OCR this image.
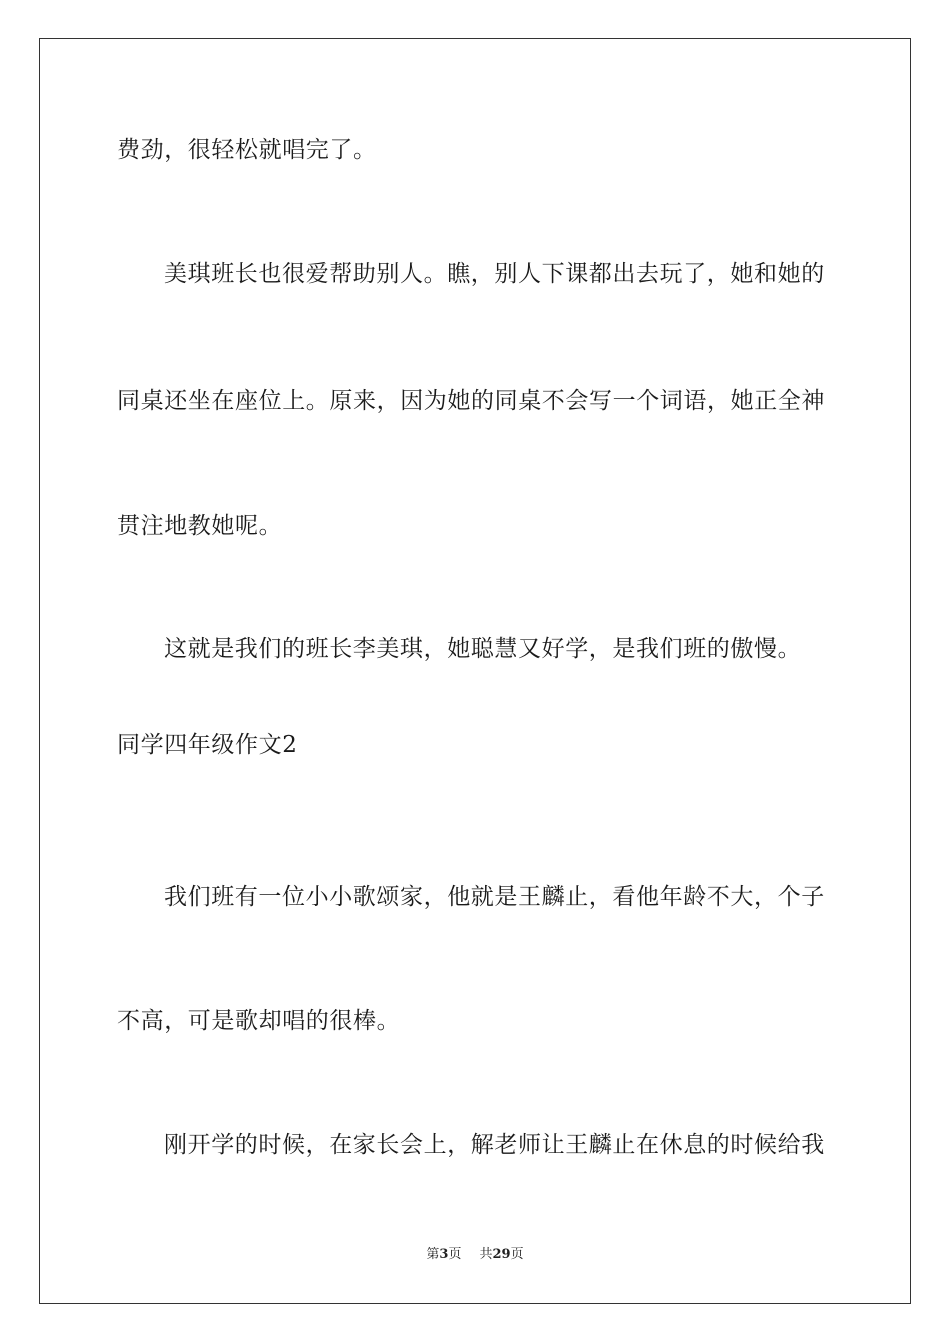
费劲，很轻松就唱完了。
美琪班长也很爱帮助别人。瞧，别人下课都出去玩了，她和她的
同桌还坐在座位上。原来，因为她的同桌不会写一个词语，她正全神
贯注地教她呢。
这就是我们的班长李美琪，她聪慧又好学，是我们班的傲慢。
同学四年级作文2
我们班有一位小小歌颂家，他就是王麟止，看他年龄不大，个子
不高，可是歌却唱的很棒。
刚开学的时候，在家长会上，解老师让王麟止在休息的时候给我
第3页 共29页
